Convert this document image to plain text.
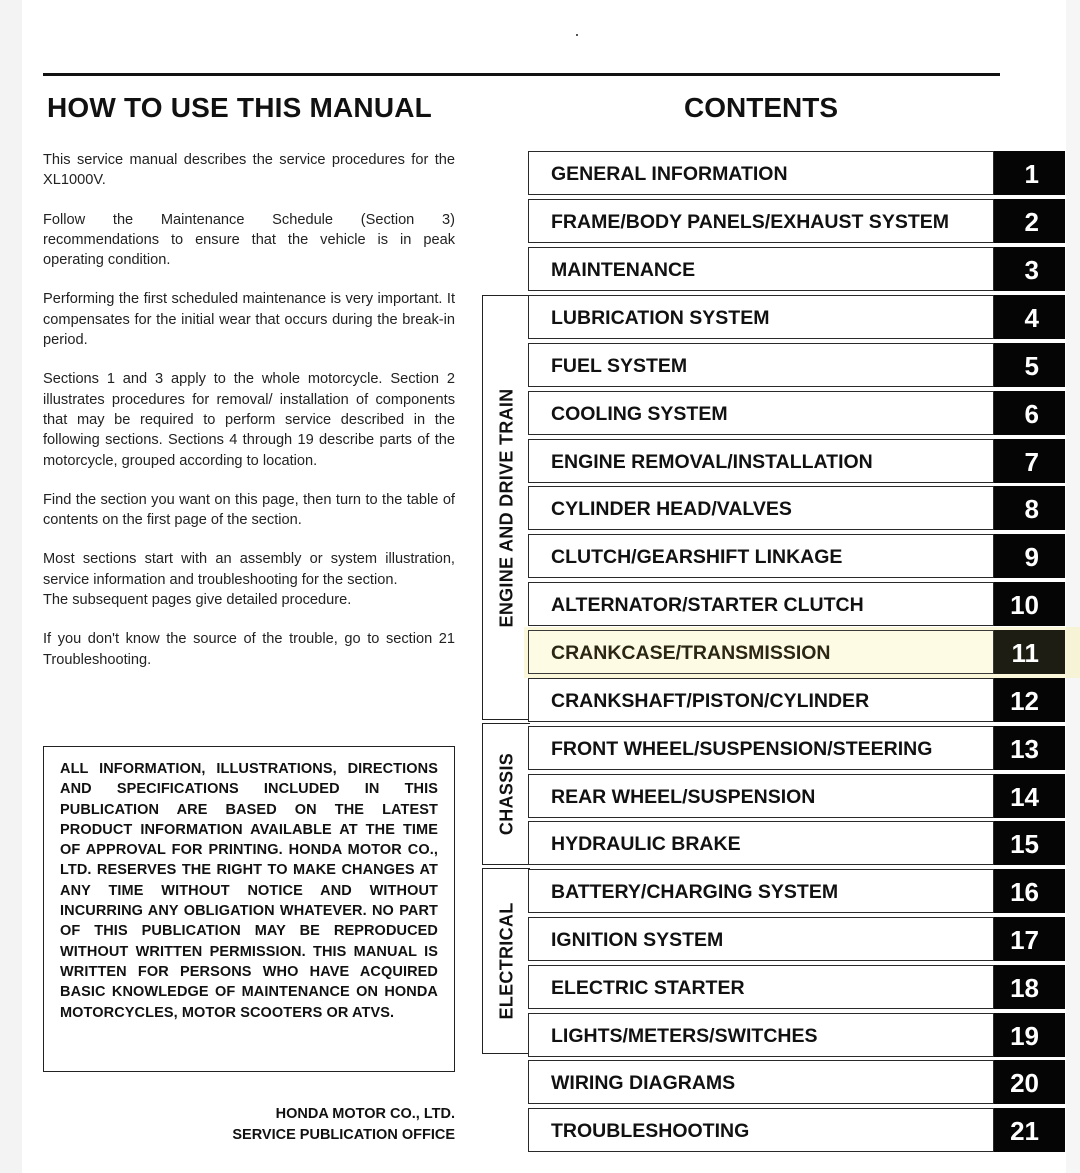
HOW TO USE THIS MANUAL

This service manual describes the service procedures for the XL1000V.

Follow the Maintenance Schedule (Section 3) recommendations to ensure that the vehicle is in peak operating condition.

Performing the first scheduled maintenance is very important. It compensates for the initial wear that occurs during the break-in period.

Sections 1 and 3 apply to the whole motorcycle. Section 2 illustrates procedures for removal/ installation of components that may be required to perform service described in the following sections. Sections 4 through 19 describe parts of the motorcycle, grouped according to location.

Find the section you want on this page, then turn to the table of contents on the first page of the section.

Most sections start with an assembly or system illustration, service information and troubleshooting for the section.

The subsequent pages give detailed procedure.

If you don't know the source of the trouble, go to section 21 Troubleshooting.

ALL INFORMATION, ILLUSTRATIONS, DIRECTIONS AND SPECIFICATIONS INCLUDED IN THIS PUBLICATION ARE BASED ON THE LATEST PRODUCT INFORMATION AVAILABLE AT THE TIME OF APPROVAL FOR PRINTING. HONDA MOTOR CO., LTD. RESERVES THE RIGHT TO MAKE CHANGES AT ANY TIME WITHOUT NOTICE AND WITHOUT INCURRING ANY OBLIGATION WHATEVER. NO PART OF THIS PUBLICATION MAY BE REPRODUCED WITHOUT WRITTEN PERMISSION. THIS MANUAL IS WRITTEN FOR PERSONS WHO HAVE ACQUIRED BASIC KNOWLEDGE OF MAINTENANCE ON HONDA MOTORCYCLES, MOTOR SCOOTERS OR ATVS.

HONDA MOTOR CO., LTD.
SERVICE PUBLICATION OFFICE
CONTENTS
ENGINE AND DRIVE TRAIN
CHASSIS
ELECTRICAL
GENERAL INFORMATION	1
FRAME/BODY PANELS/EXHAUST SYSTEM	2
MAINTENANCE	3
LUBRICATION SYSTEM	4
FUEL SYSTEM	5
COOLING SYSTEM	6
ENGINE REMOVAL/INSTALLATION	7
CYLINDER HEAD/VALVES	8
CLUTCH/GEARSHIFT LINKAGE	9
ALTERNATOR/STARTER CLUTCH	10
CRANKCASE/TRANSMISSION	11
CRANKSHAFT/PISTON/CYLINDER	12
FRONT WHEEL/SUSPENSION/STEERING	13
REAR WHEEL/SUSPENSION	14
HYDRAULIC BRAKE	15
BATTERY/CHARGING SYSTEM	16
IGNITION SYSTEM	17
ELECTRIC STARTER	18
LIGHTS/METERS/SWITCHES	19
WIRING DIAGRAMS	20
TROUBLESHOOTING	21
